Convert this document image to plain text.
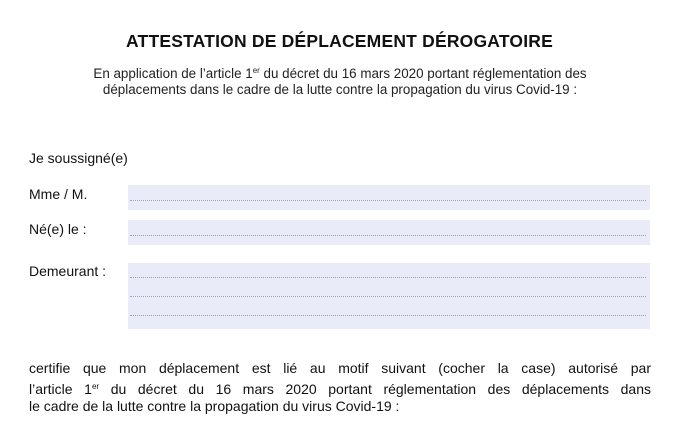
ATTESTATION DE DÉPLACEMENT DÉROGATOIRE
En application de l’article 1er du décret du 16 mars 2020 portant réglementation des
déplacements dans le cadre de la lutte contre la propagation du virus Covid-19 :
Je soussigné(e)
Mme / M.
Né(e) le :
Demeurant :
certifie que mon déplacement est lié au motif suivant (cocher la case) autorisé par
l’article 1er du décret du 16 mars 2020 portant réglementation des déplacements dans
le cadre de la lutte contre la propagation du virus Covid-19 :
